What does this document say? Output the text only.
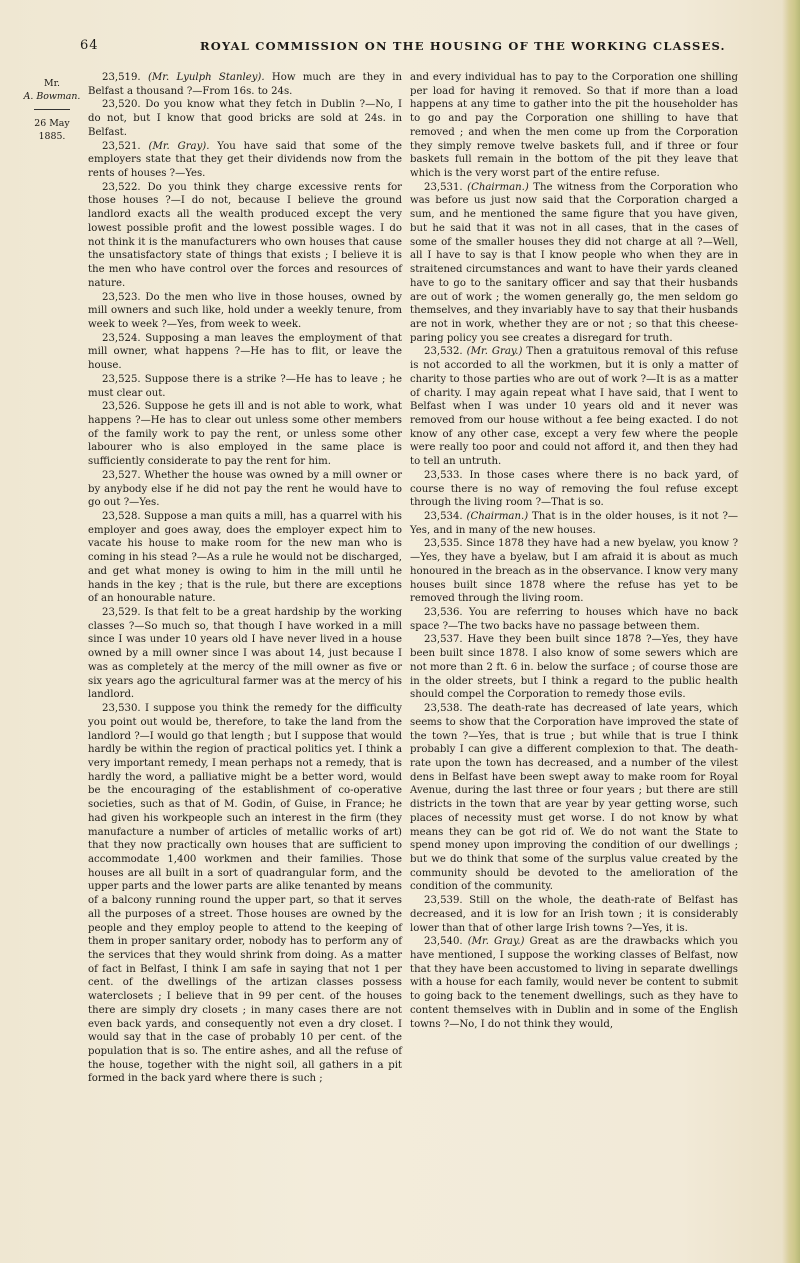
64	ROYAL COMMISSION ON THE HOUSING OF THE WORKING CLASSES.
Mr.
A. Bowman.
26 May 1885.

23,519. (Mr. Lyulph Stanley). How much are they in Belfast a thousand ?—From 16s. to 24s.

23,520. Do you know what they fetch in Dublin ?—No, I do not, but I know that good bricks are sold at 24s. in Belfast.

23,521. (Mr. Gray). You have said that some of the employers state that they get their dividends now from the rents of houses ?—Yes.

23,522. Do you think they charge excessive rents for those houses ?—I do not, because I believe the ground landlord exacts all the wealth produced except the very lowest possible profit and the lowest possible wages. I do not think it is the manufacturers who own houses that cause the unsatisfactory state of things that exists ; I believe it is the men who have control over the forces and resources of nature.

23,523. Do the men who live in those houses, owned by mill owners and such like, hold under a weekly tenure, from week to week ?—Yes, from week to week.

23,524. Supposing a man leaves the employment of that mill owner, what happens ?—He has to flit, or leave the house.

23,525. Suppose there is a strike ?—He has to leave ; he must clear out.

23,526. Suppose he gets ill and is not able to work, what happens ?—He has to clear out unless some other members of the family work to pay the rent, or unless some other labourer who is also employed in the same place is sufficiently considerate to pay the rent for him.

23,527. Whether the house was owned by a mill owner or by anybody else if he did not pay the rent he would have to go out ?—Yes.

23,528. Suppose a man quits a mill, has a quarrel with his employer and goes away, does the employer expect him to vacate his house to make room for the new man who is coming in his stead ?—As a rule he would not be discharged, and get what money is owing to him in the mill until he hands in the key ; that is the rule, but there are exceptions of an honourable nature.

23,529. Is that felt to be a great hardship by the working classes ?—So much so, that though I have worked in a mill since I was under 10 years old I have never lived in a house owned by a mill owner since I was about 14, just because I was as completely at the mercy of the mill owner as five or six years ago the agricultural farmer was at the mercy of his landlord.

23,530. I suppose you think the remedy for the difficulty you point out would be, therefore, to take the land from the landlord ?—I would go that length ; but I suppose that would hardly be within the region of practical politics yet. I think a very important remedy, I mean perhaps not a remedy, that is hardly the word, a palliative might be a better word, would be the encouraging of the establishment of co-operative societies, such as that of M. Godin, of Guise, in France; he had given his workpeople such an interest in the firm (they manufacture a number of articles of metallic works of art) that they now practically own houses that are sufficient to accommodate 1,400 workmen and their families. Those houses are all built in a sort of quadrangular form, and the upper parts and the lower parts are alike tenanted by means of a balcony running round the upper part, so that it serves all the purposes of a street. Those houses are owned by the people and they employ people to attend to the keeping of them in proper sanitary order, nobody has to perform any of the services that they would shrink from doing. As a matter of fact in Belfast, I think I am safe in saying that not 1 per cent. of the dwellings of the artizan classes possess waterclosets ; I believe that in 99 per cent. of the houses there are simply dry closets ; in many cases there are not even back yards, and consequently not even a dry closet. I would say that in the case of probably 10 per cent. of the population that is so. The entire ashes, and all the refuse of the house, together with the night soil, all gathers in a pit formed in the back yard where there is such ;

and every individual has to pay to the Corporation one shilling per load for having it removed. So that if more than a load happens at any time to gather into the pit the householder has to go and pay the Corporation one shilling to have that removed ; and when the men come up from the Corporation they simply remove twelve baskets full, and if three or four baskets full remain in the bottom of the pit they leave that which is the very worst part of the entire refuse.

23,531. (Chairman.) The witness from the Corporation who was before us just now said that the Corporation charged a sum, and he mentioned the same figure that you have given, but he said that it was not in all cases, that in the cases of some of the smaller houses they did not charge at all ?—Well, all I have to say is that I know people who when they are in straitened circumstances and want to have their yards cleaned have to go to the sanitary officer and say that their husbands are out of work ; the women generally go, the men seldom go themselves, and they invariably have to say that their husbands are not in work, whether they are or not ; so that this cheese-paring policy you see creates a disregard for truth.

23,532. (Mr. Gray.) Then a gratuitous removal of this refuse is not accorded to all the workmen, but it is only a matter of charity to those parties who are out of work ?—It is as a matter of charity. I may again repeat what I have said, that I went to Belfast when I was under 10 years old and it never was removed from our house without a fee being exacted. I do not know of any other case, except a very few where the people were really too poor and could not afford it, and then they had to tell an untruth.

23,533. In those cases where there is no back yard, of course there is no way of removing the foul refuse except through the living room ?—That is so.

23,534. (Chairman.) That is in the older houses, is it not ?—Yes, and in many of the new houses.

23,535. Since 1878 they have had a new byelaw, you know ?—Yes, they have a byelaw, but I am afraid it is about as much honoured in the breach as in the observance. I know very many houses built since 1878 where the refuse has yet to be removed through the living room.

23,536. You are referring to houses which have no back space ?—The two backs have no passage between them.

23,537. Have they been built since 1878 ?—Yes, they have been built since 1878. I also know of some sewers which are not more than 2 ft. 6 in. below the surface ; of course those are in the older streets, but I think a regard to the public health should compel the Corporation to remedy those evils.

23,538. The death-rate has decreased of late years, which seems to show that the Corporation have improved the state of the town ?—Yes, that is true ; but while that is true I think probably I can give a different complexion to that. The death-rate upon the town has decreased, and a number of the vilest dens in Belfast have been swept away to make room for Royal Avenue, during the last three or four years ; but there are still districts in the town that are year by year getting worse, such places of necessity must get worse. I do not know by what means they can be got rid of. We do not want the State to spend money upon improving the condition of our dwellings ; but we do think that some of the surplus value created by the community should be devoted to the amelioration of the condition of the community.

23,539. Still on the whole, the death-rate of Belfast has decreased, and it is low for an Irish town ; it is considerably lower than that of other large Irish towns ?—Yes, it is.

23,540. (Mr. Gray.) Great as are the drawbacks which you have mentioned, I suppose the working classes of Belfast, now that they have been accustomed to living in separate dwellings with a house for each family, would never be content to submit to going back to the tenement dwellings, such as they have to content themselves with in Dublin and in some of the English towns ?—No, I do not think they would,
